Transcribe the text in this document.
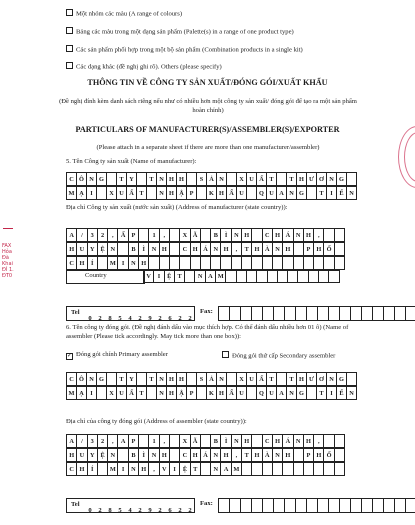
Một nhóm các màu (A range of colours)
Bảng các màu trong một dạng sản phẩm (Palette(s) in a range of one product type)
Các sản phẩm phối hợp trong một bộ sản phẩm (Combination products in a single kit)
Các dạng khác (đề nghị ghi rõ). Others (please specify)
THÔNG TIN VỀ CÔNG TY SẢN XUẤT/ĐÓNG GÓI/XUẤT KHẨU
(Đề nghị đính kèm danh sách riêng nếu như có nhiều hơn một công ty sản xuất/ đóng gói để tạo ra một sản phẩm hoàn chỉnh)
PARTICULARS OF MANUFACTURER(S)/ASSEMBLER(S)/EXPORTER
(Please attach in a separate sheet if there are more than one manufacturer/assembler)
5. Tên Công ty sản xuất (Name of manufacturer):
C Ô N G	T Y	T N H H	S Ả N	X U Ấ T	T H Ư Ơ N G
M Ạ	I	X U Ấ T	N H Ậ P	K H Ẩ U	Q U A N G	T	I	Ế N
Địa chỉ Công ty sản xuất (nước sản xuất) (Address of manufacturer (state country)):
A	/	3	2	,	Ấ P	1	,	X Ã	B	Ì	N H	C H Á N H	,
H U Y Ệ N	B	Ì	N H	C H Á N H	,	T H À N H	P H Ố
C H	Í	M I	N H
Country	V	I	Ệ T	N A M
Tel
0 2 8 5 4 2 9 2 6 2 2
Fax:
6. Tên công ty đóng gói. (Đề nghị đánh dấu vào mục thích hợp. Có thể đánh dấu nhiều hơn 01 ô) (Name of assembler (Please tick accordingly. May tick more than one box)):
✓ Đóng gói chính Primary assembler	Đóng gói thứ cấp Secondary assembler
C Ô N G	T Y	T N H H	S Ả N	X U Ấ T	T H Ư Ơ N G
M Ạ	I	X U Ấ T	N H Ậ P	K H Ẩ U	Q U A N G	T	I	Ế N
Địa chỉ của công ty đóng gói (Address of assembler (state country)):
A	/	3	2	,	A P	1	,	X Ã	B	Ì	N H	C H Á N H	,
H U Y Ệ N	B	Ì	N H	C H Á N H	,	T H À N H	P H Ố
C H	Í	M I	N H	,	V	I	Ệ T	N A M
Tel
0 2 8 5 4 2 9 2 6 2 2
Fax:
FAX
Hỏa
Đà
Khai
ĐÍ 1.
ĐT0
